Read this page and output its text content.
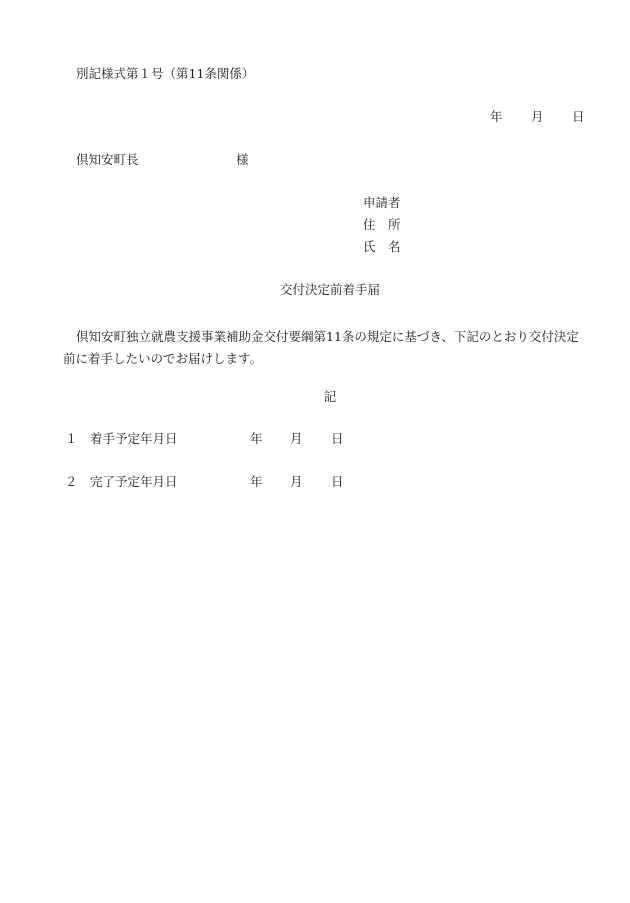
別記様式第１号（第11条関係）
年 月 日
倶知安町長	様
申請者
住　所
氏　名
交付決定前着手届
倶知安町独立就農支援事業補助金交付要綱第11条の規定に基づき、下記のとおり交付決定前に着手したいのでお届けします。
記
１ 着手予定年月日	年 月 日
２ 完了予定年月日	年 月 日
